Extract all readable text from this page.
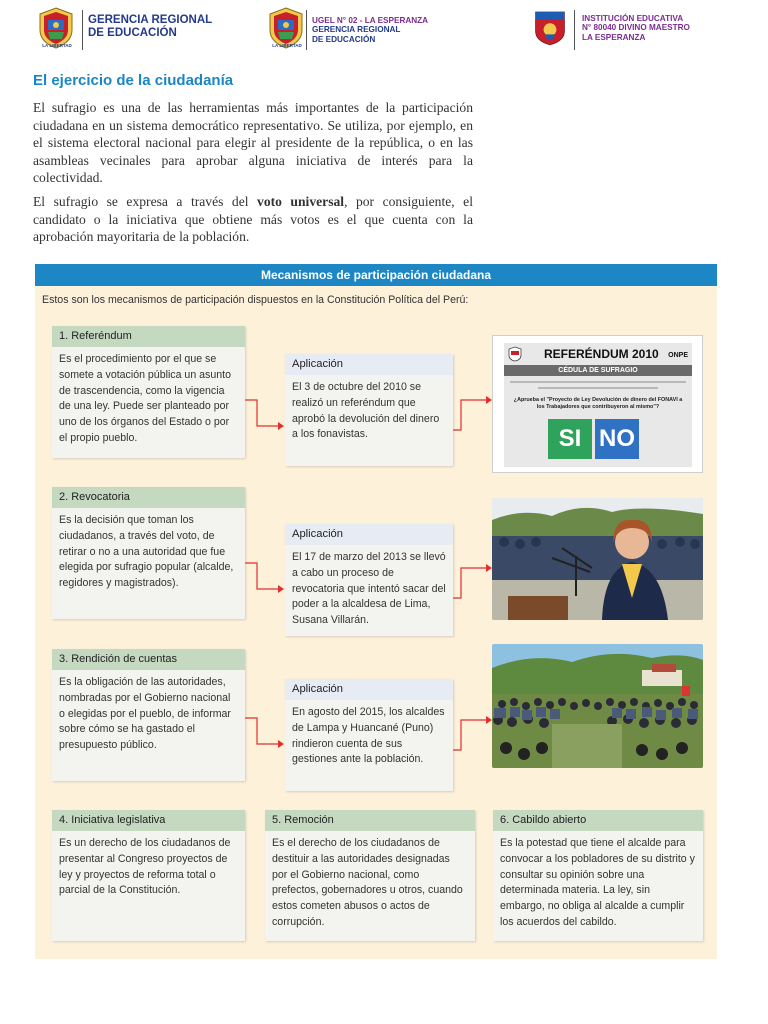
LA LIBERTAD
GERENCIA REGIONAL
DE EDUCACIÓN
LA LIBERTAD
UGEL N° 02 - LA ESPERANZA
GERENCIA REGIONAL
DE EDUCACIÓN
INSTITUCIÓN EDUCATIVA
N° 80040 DIVINO MAESTRO
LA ESPERANZA
El ejercicio de la ciudadanía
El sufragio es una de las herramientas más importantes de la participación ciudadana en un sistema democrático representativo. Se utiliza, por ejemplo, en el sistema electoral nacional para elegir al presidente de la república, o en las asambleas vecinales para aprobar alguna iniciativa de interés para la colectividad.
El sufragio se expresa a través del voto universal, por consiguiente, el candidato o la iniciativa que obtiene más votos es el que cuenta con la aprobación mayoritaria de la población.
Mecanismos de participación ciudadana
Estos son los mecanismos de participación dispuestos en la Constitución Política del Perú:
1. Referéndum
Es el procedimiento por el que se somete a votación pública un asunto de trascendencia, como la vigencia de una ley. Puede ser planteado por uno de los órganos del Estado o por el propio pueblo.
2. Revocatoria
Es la decisión que toman los ciudadanos, a través del voto, de retirar o no a una autoridad que fue elegida por sufragio popular (alcalde, regidores y magistrados).
3. Rendición de cuentas
Es la obligación de las autoridades, nombradas por el Gobierno nacional o elegidas por el pueblo, de informar sobre cómo se ha gastado el presupuesto público.
4. Iniciativa legislativa
Es un derecho de los ciudadanos de presentar al Congreso proyectos de ley y proyectos de reforma total o parcial de la Constitución.
5. Remoción
Es el derecho de los ciudadanos de destituir a las autoridades designadas por el Gobierno nacional, como prefectos, gobernadores u otros, cuando estos cometen abusos o actos de corrupción.
6. Cabildo abierto
Es la potestad que tiene el alcalde para convocar a los pobladores de su distrito y consultar su opinión sobre una determinada materia. La ley, sin embargo, no obliga al alcalde a cumplir los acuerdos del cabildo.
Aplicación
El 3 de octubre del 2010 se realizó un referéndum que aprobó la devolución del dinero a los fonavistas.
Aplicación
El 17 de marzo del 2013 se llevó a cabo un proceso de revocatoria que intentó sacar del poder a la alcaldesa de Lima, Susana Villarán.
Aplicación
En agosto del 2015, los alcaldes de Lampa y Huancané (Puno) rindieron cuenta de sus gestiones ante la población.
REFERÉNDUM 2010 ONPE
CÉDULA DE SUFRAGIO
¿Aprueba el "Proyecto de Ley Devolución de dinero del FONAVI a los Trabajadores que contribuyeron al mismo"?
SI NO
